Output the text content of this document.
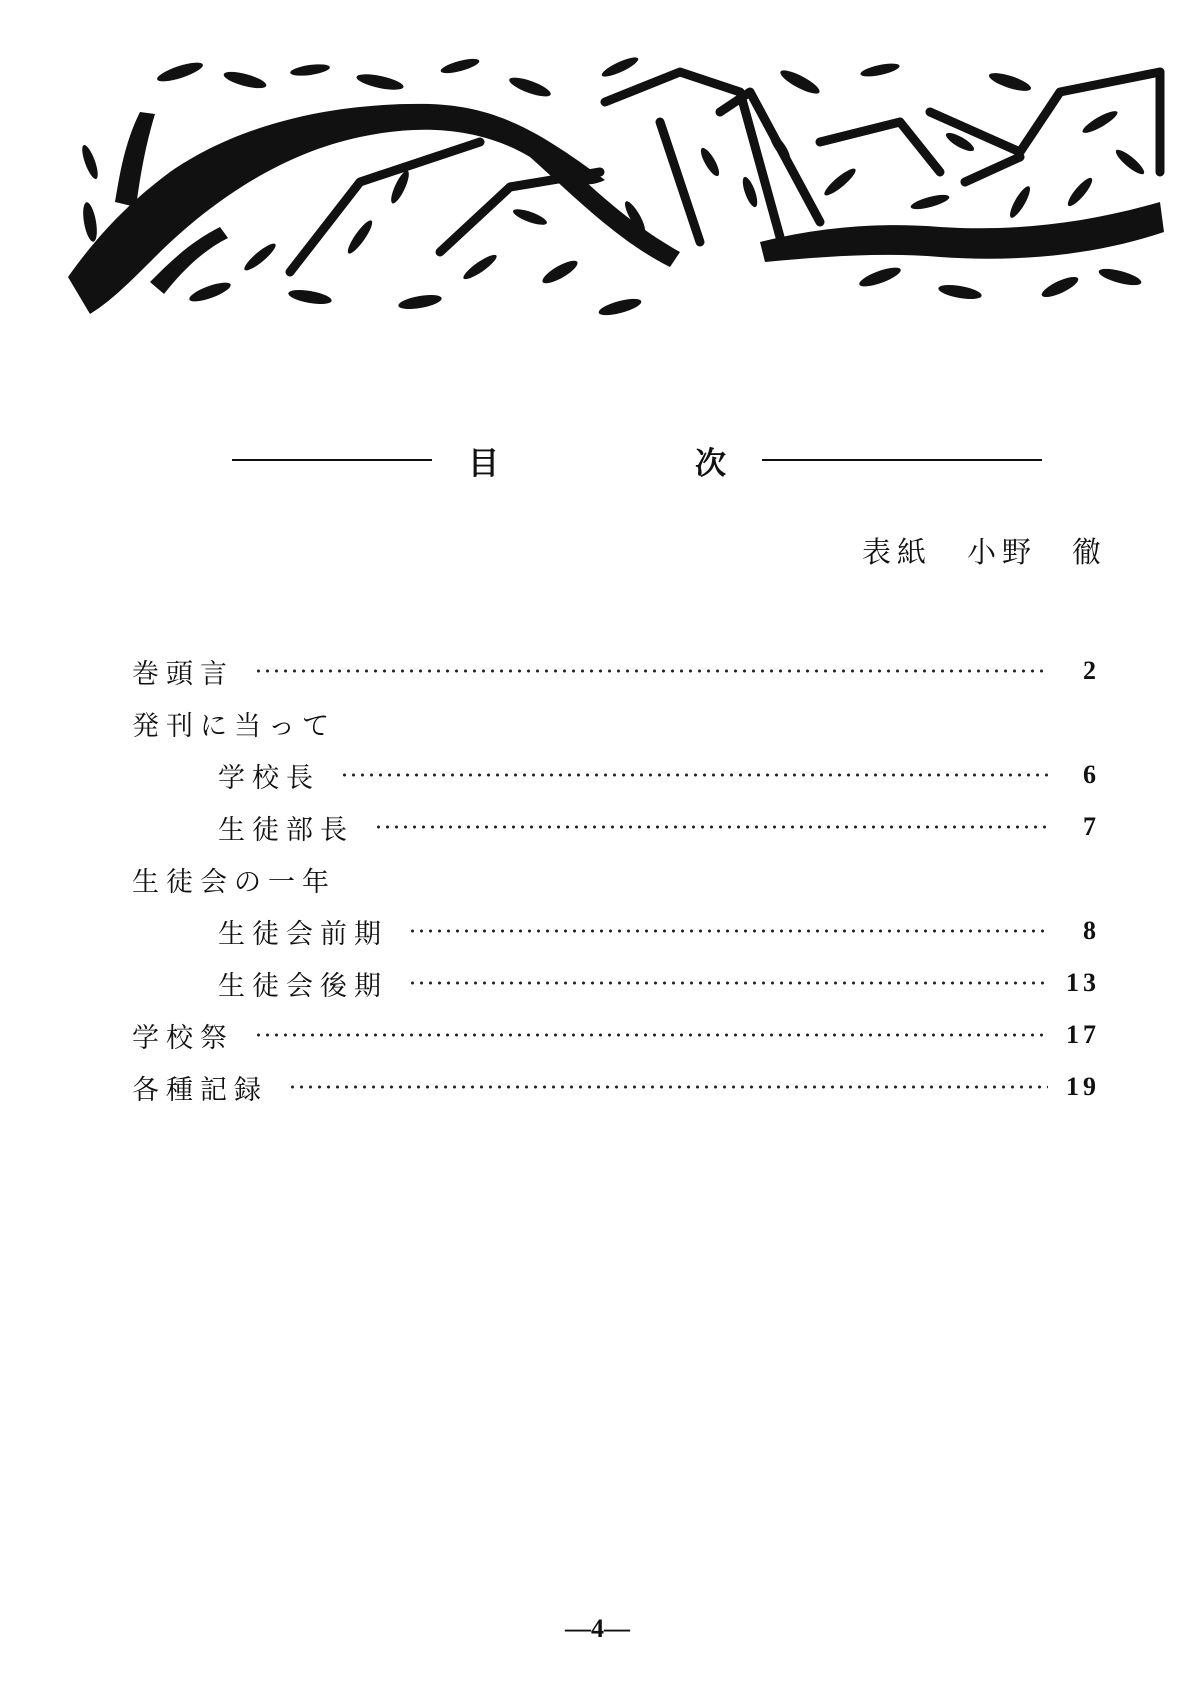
目	次
表紙　小野　徹
巻頭言	2
発刊に当って
学校長	6
生徒部長	7
生徒会の一年
生徒会前期	8
生徒会後期	13
学校祭	17
各種記録	19
―4―
